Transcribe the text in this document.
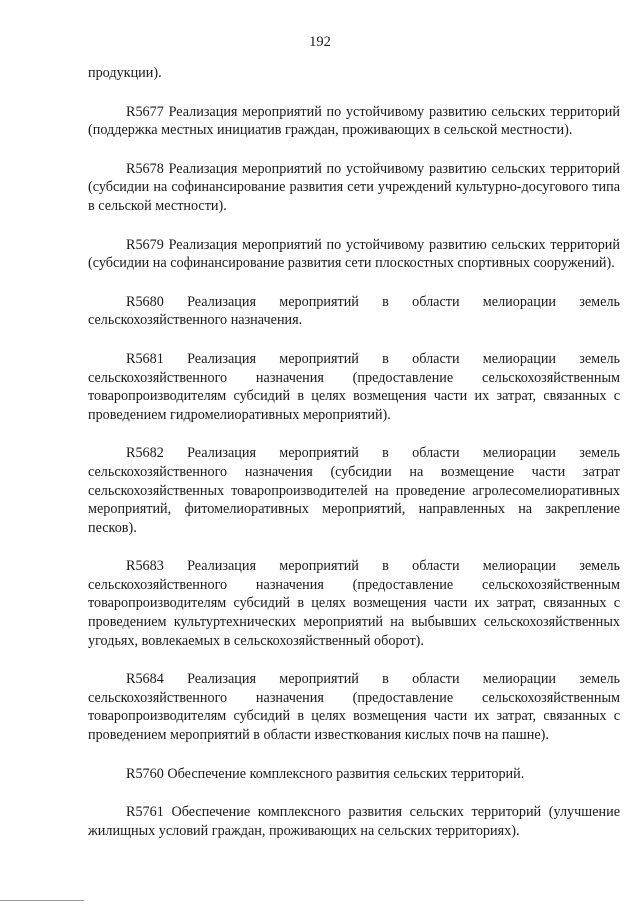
192

продукции).

R5677 Реализация мероприятий по устойчивому развитию сельских территорий (поддержка местных инициатив граждан, проживающих в сельской местности).

R5678 Реализация мероприятий по устойчивому развитию сельских территорий (субсидии на софинансирование развития сети учреждений культурно-досугового типа в сельской местности).

R5679 Реализация мероприятий по устойчивому развитию сельских территорий (субсидии на софинансирование развития сети плоскостных спортивных сооружений).

R5680 Реализация мероприятий в области мелиорации земель сельскохозяйственного назначения.

R5681 Реализация мероприятий в области мелиорации земель сельскохозяйственного назначения (предоставление сельскохозяйственным товаропроизводителям субсидий в целях возмещения части их затрат, связанных с проведением гидромелиоративных мероприятий).

R5682 Реализация мероприятий в области мелиорации земель сельскохозяйственного назначения (субсидии на возмещение части затрат сельскохозяйственных товаропроизводителей на проведение агролесомелиоративных мероприятий, фитомелиоративных мероприятий, направленных на закрепление песков).

R5683 Реализация мероприятий в области мелиорации земель сельскохозяйственного назначения (предоставление сельскохозяйственным товаропроизводителям субсидий в целях возмещения части их затрат, связанных с проведением культуртехнических мероприятий на выбывших сельскохозяйственных угодьях, вовлекаемых в сельскохозяйственный оборот).

R5684 Реализация мероприятий в области мелиорации земель сельскохозяйственного назначения (предоставление сельскохозяйственным товаропроизводителям субсидий в целях возмещения части их затрат, связанных с проведением мероприятий в области известкования кислых почв на пашне).

R5760 Обеспечение комплексного развития сельских территорий.

R5761 Обеспечение комплексного развития сельских территорий (улучшение жилищных условий граждан, проживающих на сельских территориях).
